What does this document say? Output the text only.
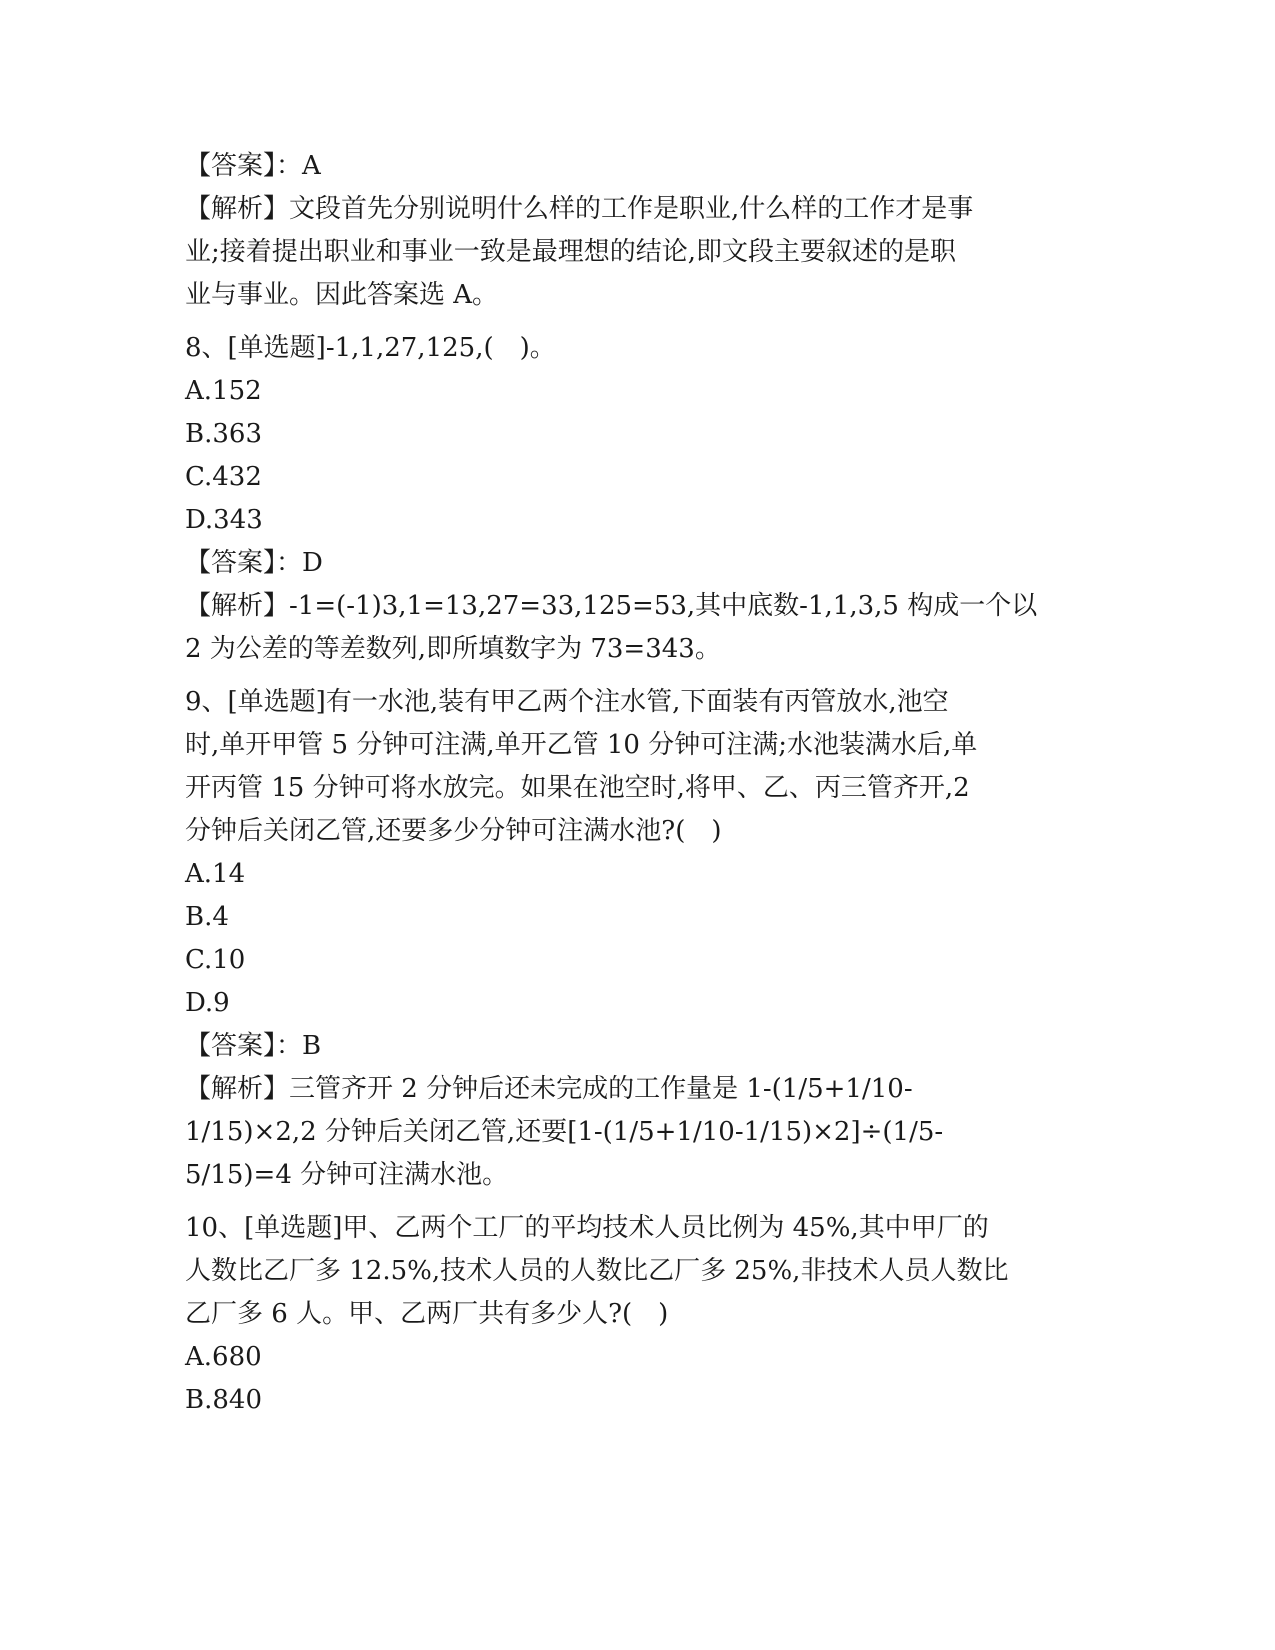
【答案】：A
【解析】文段首先分别说明什么样的工作是职业,什么样的工作才是事
业;接着提出职业和事业一致是最理想的结论,即文段主要叙述的是职
业与事业。因此答案选 A。
8、[单选题]-1,1,27,125,(　)。
A.152
B.363
C.432
D.343
【答案】：D
【解析】-1=(-1)3,1=13,27=33,125=53,其中底数-1,1,3,5 构成一个以
2 为公差的等差数列,即所填数字为 73=343。
9、[单选题]有一水池,装有甲乙两个注水管,下面装有丙管放水,池空
时,单开甲管 5 分钟可注满,单开乙管 10 分钟可注满;水池装满水后,单
开丙管 15 分钟可将水放完。如果在池空时,将甲、乙、丙三管齐开,2
分钟后关闭乙管,还要多少分钟可注满水池?(　)
A.14
B.4
C.10
D.9
【答案】：B
【解析】三管齐开 2 分钟后还未完成的工作量是 1-(1/5+1/10-
1/15)×2,2 分钟后关闭乙管,还要[1-(1/5+1/10-1/15)×2]÷(1/5-
5/15)=4 分钟可注满水池。
10、[单选题]甲、乙两个工厂的平均技术人员比例为 45%,其中甲厂的
人数比乙厂多 12.5%,技术人员的人数比乙厂多 25%,非技术人员人数比
乙厂多 6 人。甲、乙两厂共有多少人?(　)
A.680
B.840
